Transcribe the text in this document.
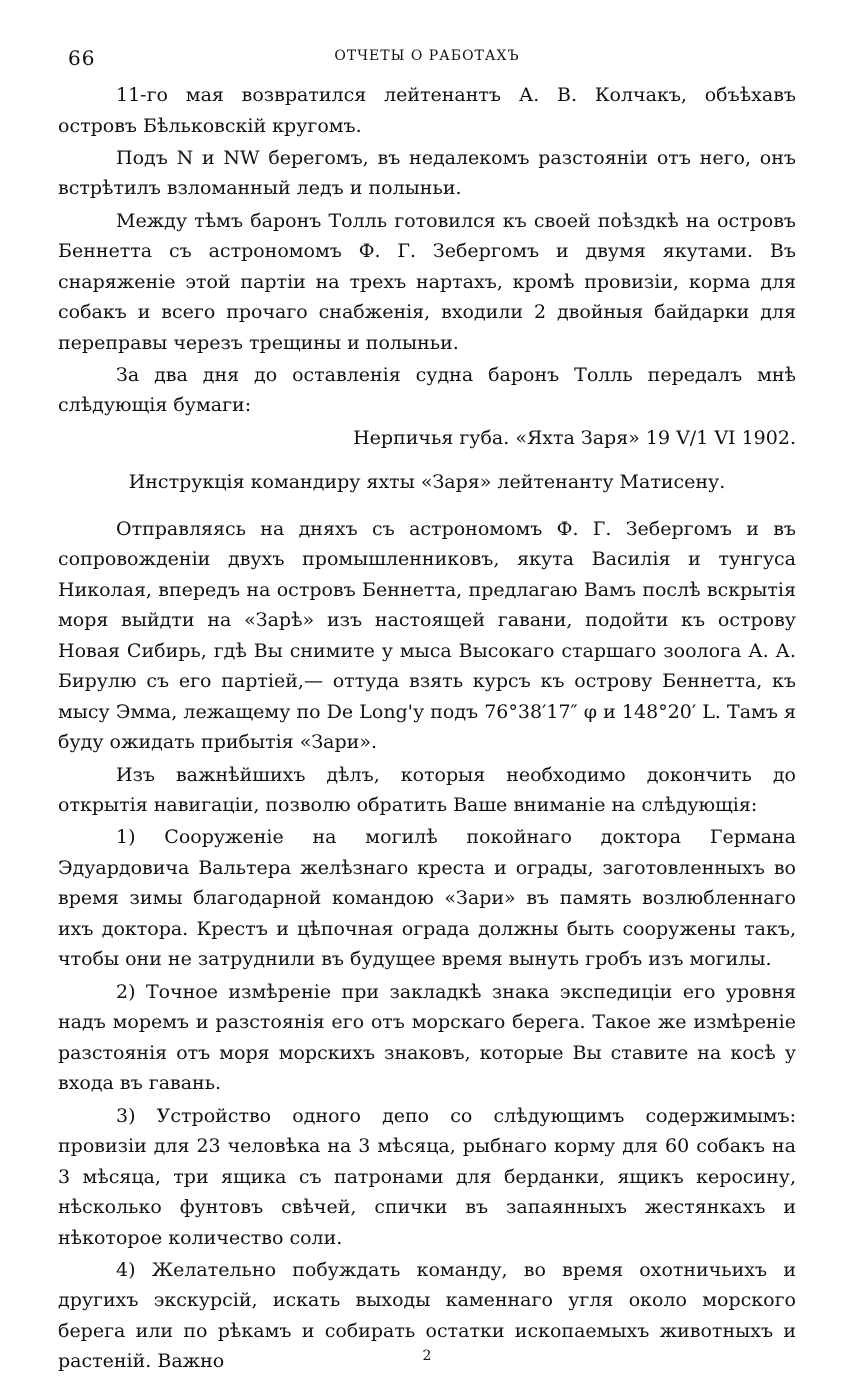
66	ОТЧЕТЫ О РАБОТАХЪ

11-го мая возвратился лейтенантъ А. В. Колчакъ, объѣхавъ островъ Бѣльковскій кругомъ.

Подъ N и NW берегомъ, въ недалекомъ разстояніи отъ него, онъ встрѣтилъ взломанный ледъ и полыньи.

Между тѣмъ баронъ Толль готовился къ своей поѣздкѣ на островъ Беннетта съ астрономомъ Ф. Г. Зебергомъ и двумя якутами. Въ снаряженіе этой партіи на трехъ нартахъ, кромѣ провизіи, корма для собакъ и всего прочаго снабженія, входили 2 двойныя байдарки для переправы черезъ трещины и полыньи.

За два дня до оставленія судна баронъ Толль передалъ мнѣ слѣдующія бумаги:

Нерпичья губа. «Яхта Заря» 19 V/1 VI 1902.

Инструкція командиру яхты «Заря» лейтенанту Матисену.

Отправляясь на дняхъ съ астрономомъ Ф. Г. Зебергомъ и въ сопровожденіи двухъ промышленниковъ, якута Василія и тунгуса Николая, впередъ на островъ Беннетта, предлагаю Вамъ послѣ вскрытія моря выйдти на «Зарѣ» изъ настоящей гавани, подойти къ острову Новая Сибирь, гдѣ Вы снимите у мыса Высокаго старшаго зоолога А. А. Бирулю съ его партіей,— оттуда взять курсъ къ острову Беннетта, къ мысу Эмма, лежащему по De Long'у подъ 76°38′17″ φ и 148°20′ L. Тамъ я буду ожидать прибытія «Зари».

Изъ важнѣйшихъ дѣлъ, которыя необходимо докончить до открытія навигаціи, позволю обратить Ваше вниманіе на слѣдующія:

1) Сооруженіе на могилѣ покойнаго доктора Германа Эдуардовича Вальтера желѣзнаго креста и ограды, заготовленныхъ во время зимы благодарной командою «Зари» въ память возлюбленнаго ихъ доктора. Крестъ и цѣпочная ограда должны быть сооружены такъ, чтобы они не затруднили въ будущее время вынуть гробъ изъ могилы.

2) Точное измѣреніе при закладкѣ знака экспедиціи его уровня надъ моремъ и разстоянія его отъ морскаго берега. Такое же измѣреніе разстоянія отъ моря морскихъ знаковъ, которые Вы ставите на косѣ у входа въ гавань.

3) Устройство одного депо со слѣдующимъ содержимымъ: провизіи для 23 человѣка на 3 мѣсяца, рыбнаго корму для 60 собакъ на 3 мѣсяца, три ящика съ патронами для берданки, ящикъ керосину, нѣсколько фунтовъ свѣчей, спички въ запаянныхъ жестянкахъ и нѣкоторое количество соли.

4) Желательно побуждать команду, во время охотничьихъ и другихъ экскурсій, искать выходы каменнаго угля около морского берега или по рѣкамъ и собирать остатки ископаемыхъ животныхъ и растеній. Важно	2
